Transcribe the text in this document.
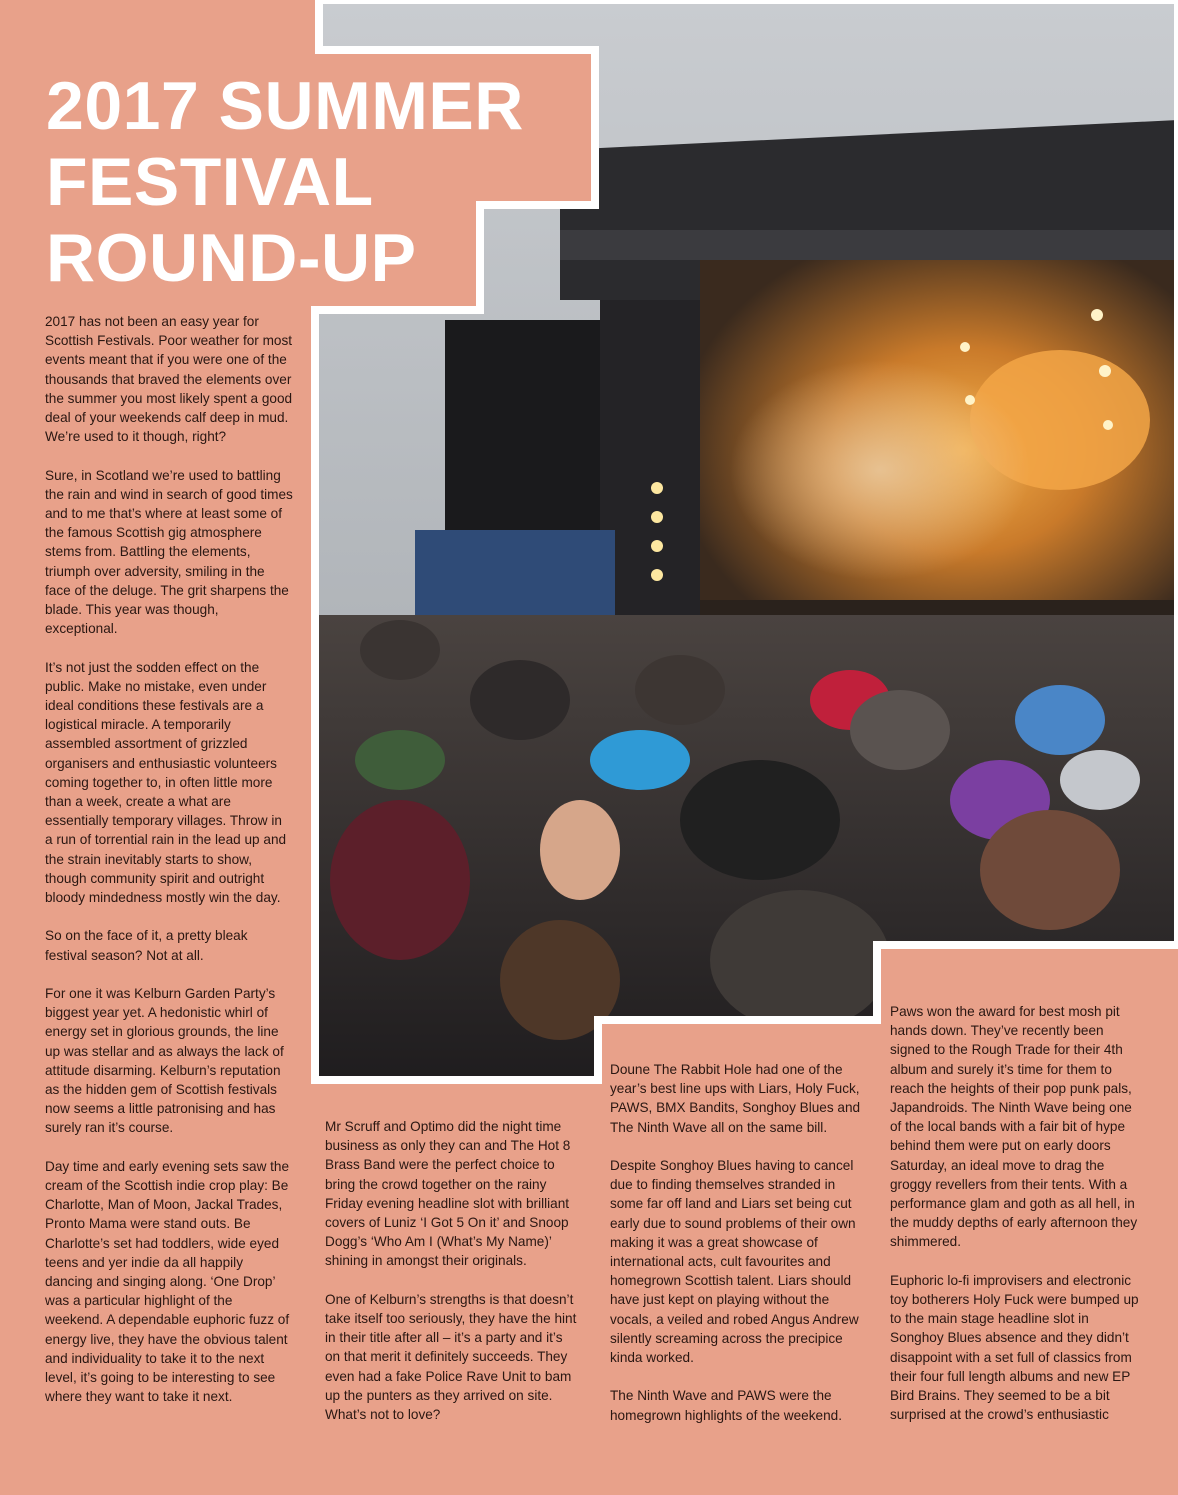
2017 SUMMER
FESTIVAL
ROUND-UP

2017 has not been an easy year for Scottish Festivals. Poor weather for most events meant that if you were one of the thousands that braved the elements over the summer you most likely spent a good deal of your weekends calf deep in mud. We’re used to it though, right?

Sure, in Scotland we’re used to battling the rain and wind in search of good times and to me that’s where at least some of the famous Scottish gig atmosphere stems from. Battling the elements, triumph over adversity, smiling in the face of the deluge. The grit sharpens the blade. This year was though, exceptional.

It’s not just the sodden effect on the public. Make no mistake, even under ideal conditions these festivals are a logistical miracle. A temporarily assembled assortment of grizzled organisers and enthusiastic volunteers coming together to, in often little more than a week, create a what are essentially temporary villages. Throw in a run of torrential rain in the lead up and the strain inevitably starts to show, though community spirit and outright bloody mindedness mostly win the day.

So on the face of it, a pretty bleak festival season? Not at all.

For one it was Kelburn Garden Party’s biggest year yet. A hedonistic whirl of energy set in glorious grounds, the line up was stellar and as always the lack of attitude disarming. Kelburn’s reputation as the hidden gem of Scottish festivals now seems a little patronising and has surely ran it’s course.

Day time and early evening sets saw the cream of the Scottish indie crop play: Be Charlotte, Man of Moon, Jackal Trades, Pronto Mama were stand outs. Be Charlotte’s set had toddlers, wide eyed teens and yer indie da all happily dancing and singing along. ‘One Drop’ was a particular highlight of the weekend. A dependable euphoric fuzz of energy live, they have the obvious talent and individuality to take it to the next level, it’s going to be interesting to see where they want to take it next.

Mr Scruff and Optimo did the night time business as only they can and The Hot 8 Brass Band were the perfect choice to bring the crowd together on the rainy Friday evening headline slot with brilliant covers of Luniz ‘I Got 5 On it’ and Snoop Dogg’s ‘Who Am I (What’s My Name)’ shining in amongst their originals.

One of Kelburn’s strengths is that doesn’t take itself too seriously, they have the hint in their title after all – it’s a party and it’s on that merit it definitely succeeds. They even had a fake Police Rave Unit to bam up the punters as they arrived on site. What’s not to love?

Doune The Rabbit Hole had one of the year’s best line ups with Liars, Holy Fuck, PAWS, BMX Bandits, Songhoy Blues and The Ninth Wave all on the same bill.

Despite Songhoy Blues having to cancel due to finding themselves stranded in some far off land and Liars set being cut early due to sound problems of their own making it was a great showcase of international acts, cult favourites and homegrown Scottish talent. Liars should have just kept on playing without the vocals, a veiled and robed Angus Andrew silently screaming across the precipice kinda worked.

The Ninth Wave and PAWS were the homegrown highlights of the weekend.

Paws won the award for best mosh pit hands down. They’ve recently been signed to the Rough Trade for their 4th album and surely it’s time for them to reach the heights of their pop punk pals, Japandroids. The Ninth Wave being one of the local bands with a fair bit of hype behind them were put on early doors Saturday, an ideal move to drag the groggy revellers from their tents. With a performance glam and goth as all hell, in the muddy depths of early afternoon they shimmered.

Euphoric lo-fi improvisers and electronic toy botherers Holy Fuck were bumped up to the main stage headline slot in Songhoy Blues absence and they didn’t disappoint with a set full of classics from their four full length albums and new EP Bird Brains. They seemed to be a bit surprised at the crowd’s enthusiastic
